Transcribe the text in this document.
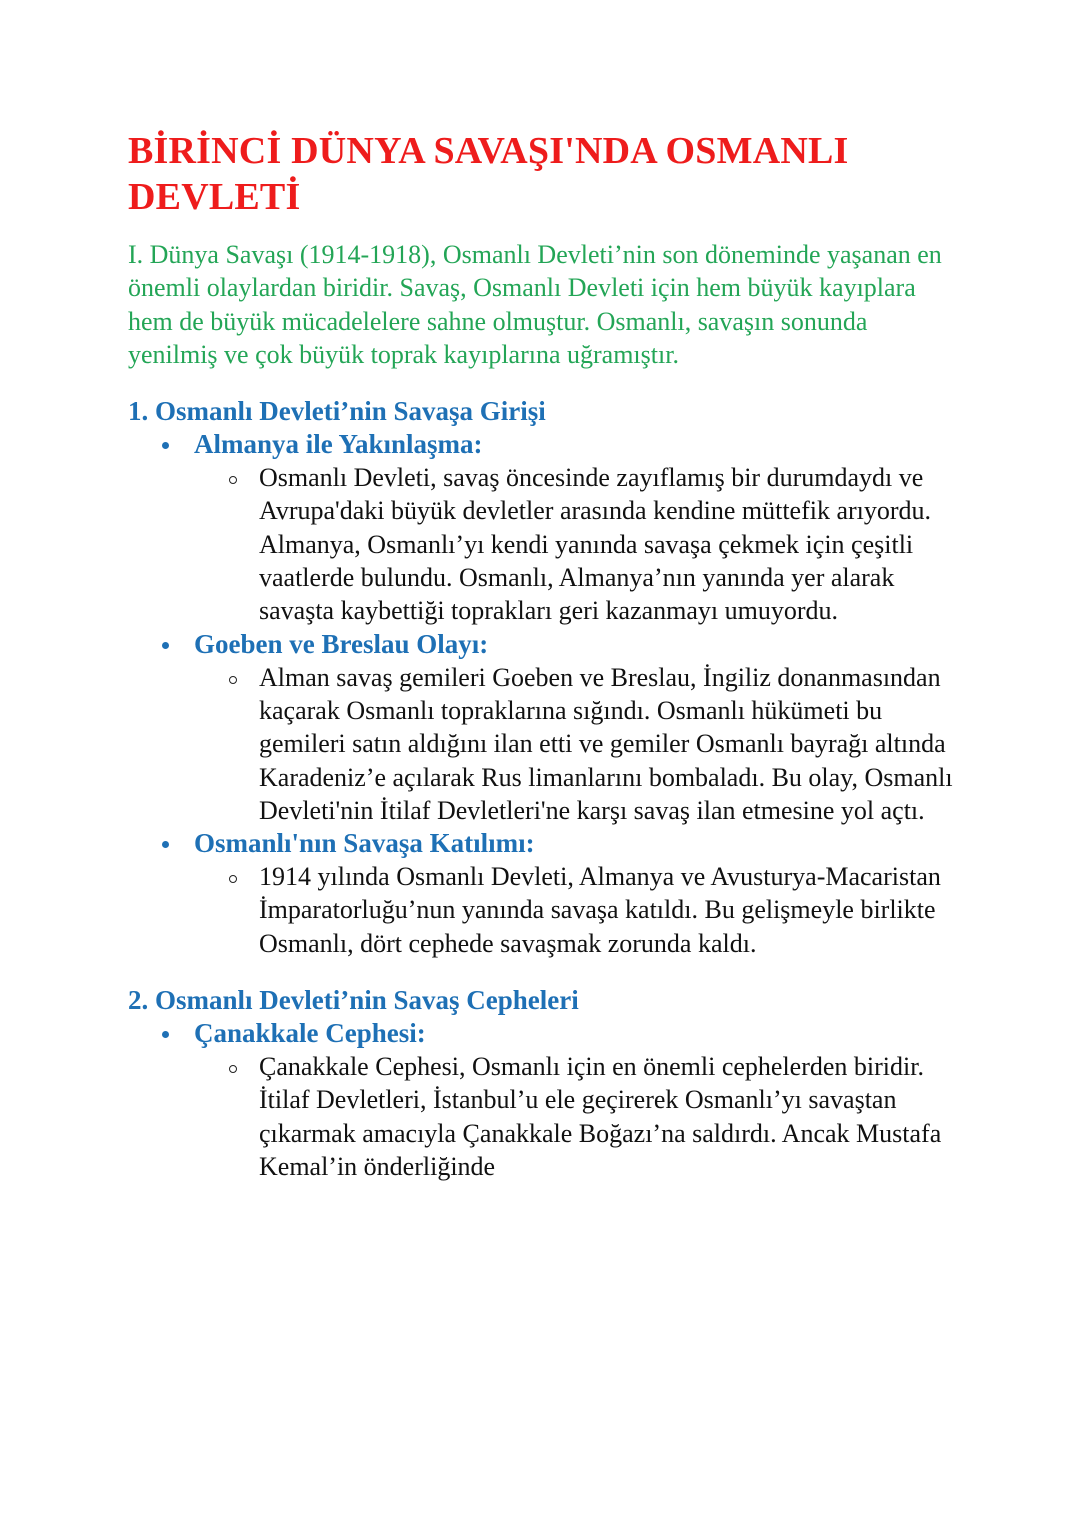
BİRİNCİ DÜNYA SAVAŞI'NDA OSMANLI DEVLETİ

I. Dünya Savaşı (1914-1918), Osmanlı Devleti’nin son döneminde yaşanan en önemli olaylardan biridir. Savaş, Osmanlı Devleti için hem büyük kayıplara hem de büyük mücadelelere sahne olmuştur. Osmanlı, savaşın sonunda yenilmiş ve çok büyük toprak kayıplarına uğramıştır.

1. Osmanlı Devleti’nin Savaşa Girişi
Almanya ile Yakınlaşma:
Osmanlı Devleti, savaş öncesinde zayıflamış bir durumdaydı ve Avrupa'daki büyük devletler arasında kendine müttefik arıyordu. Almanya, Osmanlı’yı kendi yanında savaşa çekmek için çeşitli vaatlerde bulundu. Osmanlı, Almanya’nın yanında yer alarak savaşta kaybettiği toprakları geri kazanmayı umuyordu.
Goeben ve Breslau Olayı:
Alman savaş gemileri Goeben ve Breslau, İngiliz donanmasından kaçarak Osmanlı topraklarına sığındı. Osmanlı hükümeti bu gemileri satın aldığını ilan etti ve gemiler Osmanlı bayrağı altında Karadeniz’e açılarak Rus limanlarını bombaladı. Bu olay, Osmanlı Devleti'nin İtilaf Devletleri'ne karşı savaş ilan etmesine yol açtı.
Osmanlı'nın Savaşa Katılımı:
1914 yılında Osmanlı Devleti, Almanya ve Avusturya-Macaristan İmparatorluğu’nun yanında savaşa katıldı. Bu gelişmeyle birlikte Osmanlı, dört cephede savaşmak zorunda kaldı.
2. Osmanlı Devleti’nin Savaş Cepheleri
Çanakkale Cephesi:
Çanakkale Cephesi, Osmanlı için en önemli cephelerden biridir. İtilaf Devletleri, İstanbul’u ele geçirerek Osmanlı’yı savaştan çıkarmak amacıyla Çanakkale Boğazı’na saldırdı. Ancak Mustafa Kemal’in önderliğinde
